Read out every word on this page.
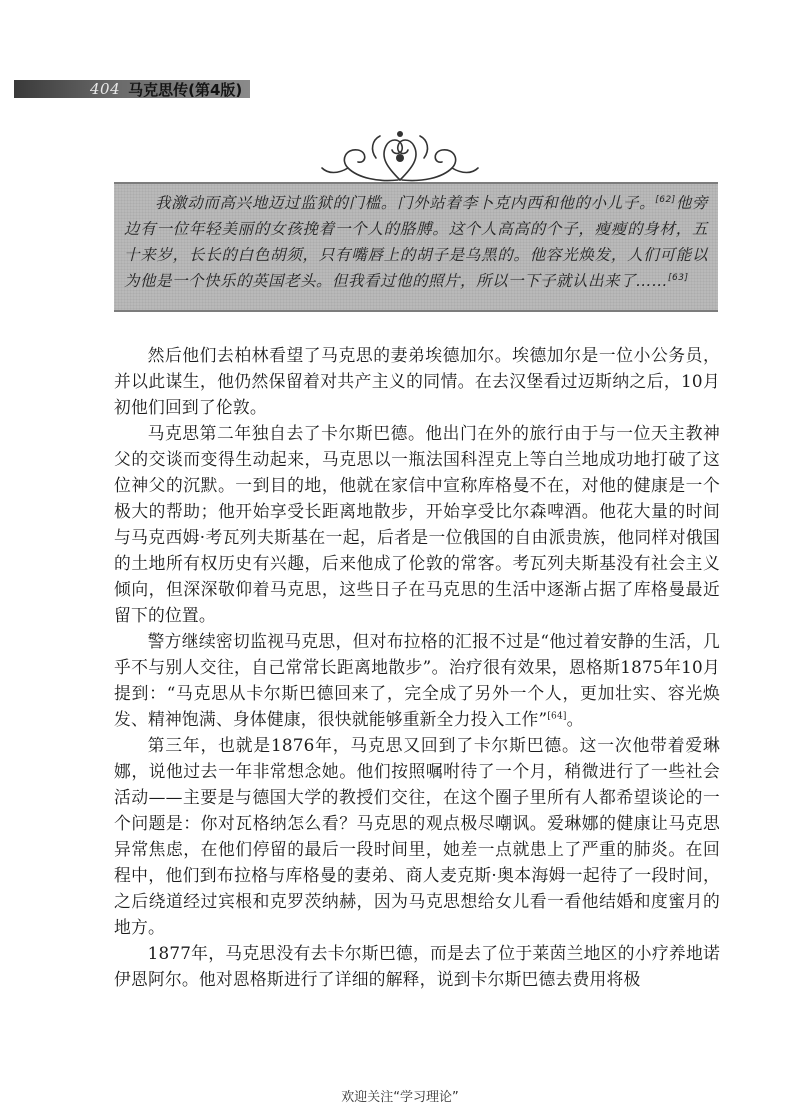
404 马克思传(第4版)

我激动而高兴地迈过监狱的门槛。门外站着李卜克内西和他的小儿子。[62]他旁边有一位年轻美丽的女孩挽着一个人的胳膊。这个人高高的个子，瘦瘦的身材，五十来岁，长长的白色胡须，只有嘴唇上的胡子是乌黑的。他容光焕发，人们可能以为他是一个快乐的英国老头。但我看过他的照片，所以一下子就认出来了……[63]

然后他们去柏林看望了马克思的妻弟埃德加尔。埃德加尔是一位小公务员，并以此谋生，他仍然保留着对共产主义的同情。在去汉堡看过迈斯纳之后，10月初他们回到了伦敦。

马克思第二年独自去了卡尔斯巴德。他出门在外的旅行由于与一位天主教神父的交谈而变得生动起来，马克思以一瓶法国科涅克上等白兰地成功地打破了这位神父的沉默。一到目的地，他就在家信中宣称库格曼不在，对他的健康是一个极大的帮助；他开始享受长距离地散步，开始享受比尔森啤酒。他花大量的时间与马克西姆·考瓦列夫斯基在一起，后者是一位俄国的自由派贵族，他同样对俄国的土地所有权历史有兴趣，后来他成了伦敦的常客。考瓦列夫斯基没有社会主义倾向，但深深敬仰着马克思，这些日子在马克思的生活中逐渐占据了库格曼最近留下的位置。

警方继续密切监视马克思，但对布拉格的汇报不过是“他过着安静的生活，几乎不与别人交往，自己常常长距离地散步”。治疗很有效果，恩格斯1875年10月提到：“马克思从卡尔斯巴德回来了，完全成了另外一个人，更加壮实、容光焕发、精神饱满、身体健康，很快就能够重新全力投入工作”[64]。

第三年，也就是1876年，马克思又回到了卡尔斯巴德。这一次他带着爱琳娜，说他过去一年非常想念她。他们按照嘱咐待了一个月，稍微进行了一些社会活动——主要是与德国大学的教授们交往，在这个圈子里所有人都希望谈论的一个问题是：你对瓦格纳怎么看？马克思的观点极尽嘲讽。爱琳娜的健康让马克思异常焦虑，在他们停留的最后一段时间里，她差一点就患上了严重的肺炎。在回程中，他们到布拉格与库格曼的妻弟、商人麦克斯·奥本海姆一起待了一段时间，之后绕道经过宾根和克罗茨纳赫，因为马克思想给女儿看一看他结婚和度蜜月的地方。

1877年，马克思没有去卡尔斯巴德，而是去了位于莱茵兰地区的小疗养地诺伊恩阿尔。他对恩格斯进行了详细的解释，说到卡尔斯巴德去费用将极

欢迎关注“学习理论”
